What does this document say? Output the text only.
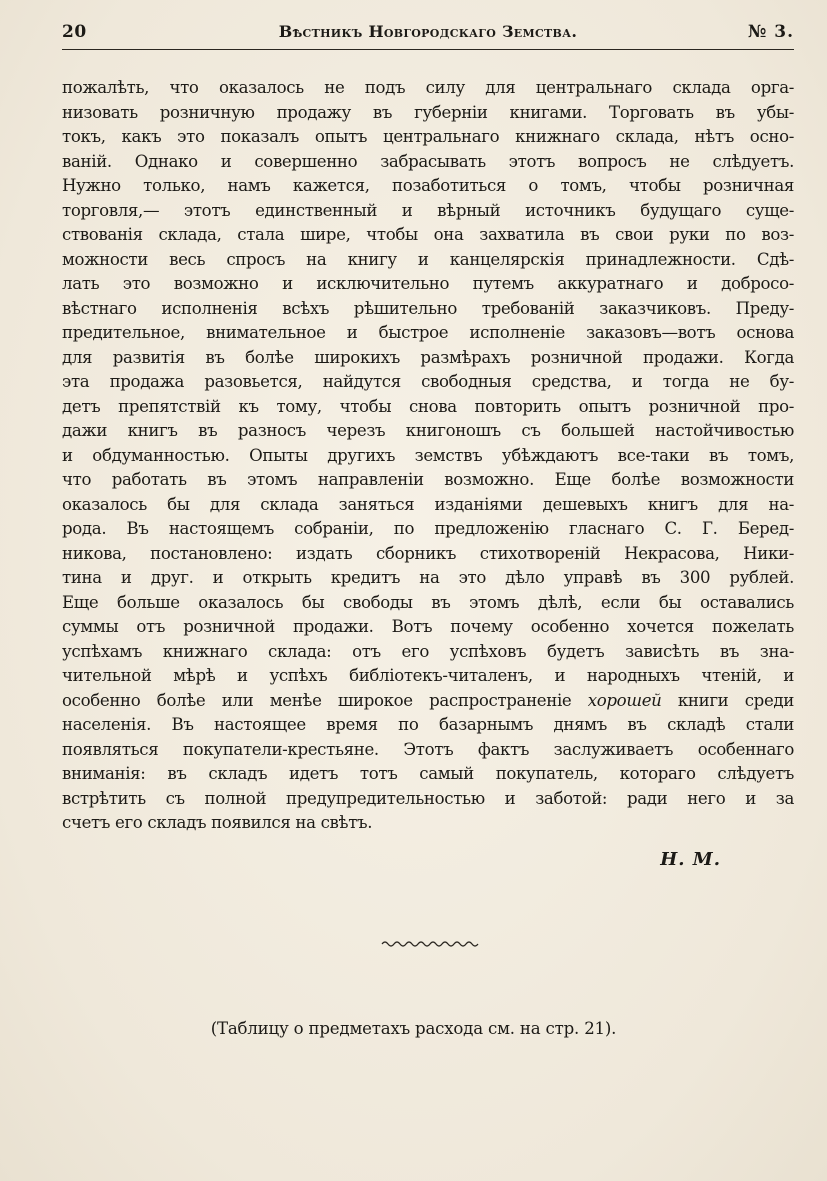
20	Вѣстникъ Новгородскаго Земства.	№ 3.
пожалѣть, что оказалось не подъ силу для центральнаго склада орга-
низовать розничную продажу въ губерніи книгами. Торговать въ убы-
токъ, какъ это показалъ опытъ центральнаго книжнаго склада, нѣтъ осно-
ваній. Однако и совершенно забрасывать этотъ вопросъ не слѣдуетъ.
Нужно только, намъ кажется, позаботиться о томъ, чтобы розничная
торговля,— этотъ единственный и вѣрный источникъ будущаго суще-
ствованія склада, стала шире, чтобы она захватила въ свои руки по воз-
можности весь спросъ на книгу и канцелярскія принадлежности. Сдѣ-
лать это возможно и исключительно путемъ аккуратнаго и добросо-
вѣстнаго исполненія всѣхъ рѣшительно требованій заказчиковъ. Преду-
предительное, внимательное и быстрое исполненіе заказовъ—вотъ основа
для развитія въ болѣе широкихъ размѣрахъ розничной продажи. Когда
эта продажа разовьется, найдутся свободныя средства, и тогда не бу-
детъ препятствій къ тому, чтобы снова повторить опытъ розничной про-
дажи книгъ въ разносъ черезъ книгоношъ съ большей настойчивостью
и обдуманностью. Опыты другихъ земствъ убѣждаютъ все-таки въ томъ,
что работать въ этомъ направленіи возможно. Еще болѣе возможности
оказалось бы для склада заняться изданіями дешевыхъ книгъ для на-
рода. Въ настоящемъ собраніи, по предложенію гласнаго С. Г. Беред-
никова, постановлено: издать сборникъ стихотвореній Некрасова, Ники-
тина и друг. и открыть кредитъ на это дѣло управѣ въ 300 рублей.
Еще больше оказалось бы свободы въ этомъ дѣлѣ, если бы оставались
суммы отъ розничной продажи. Вотъ почему особенно хочется пожелать
успѣхамъ книжнаго склада: отъ его успѣховъ будетъ зависѣть въ зна-
чительной мѣрѣ и успѣхъ библіотекъ-читаленъ, и народныхъ чтеній, и
особенно болѣе или менѣе широкое распространеніе хорошей книги среди
населенія. Въ настоящее время по базарнымъ днямъ въ складѣ стали
появляться покупатели-крестьяне. Этотъ фактъ заслуживаетъ особеннаго
вниманія: въ складъ идетъ тотъ самый покупатель, котораго слѣдуетъ
встрѣтить съ полной предупредительностью и заботой: ради него и за
счетъ его складъ появился на свѣтъ.
Н. М.
(Таблицу о предметахъ расхода см. на стр. 21).
